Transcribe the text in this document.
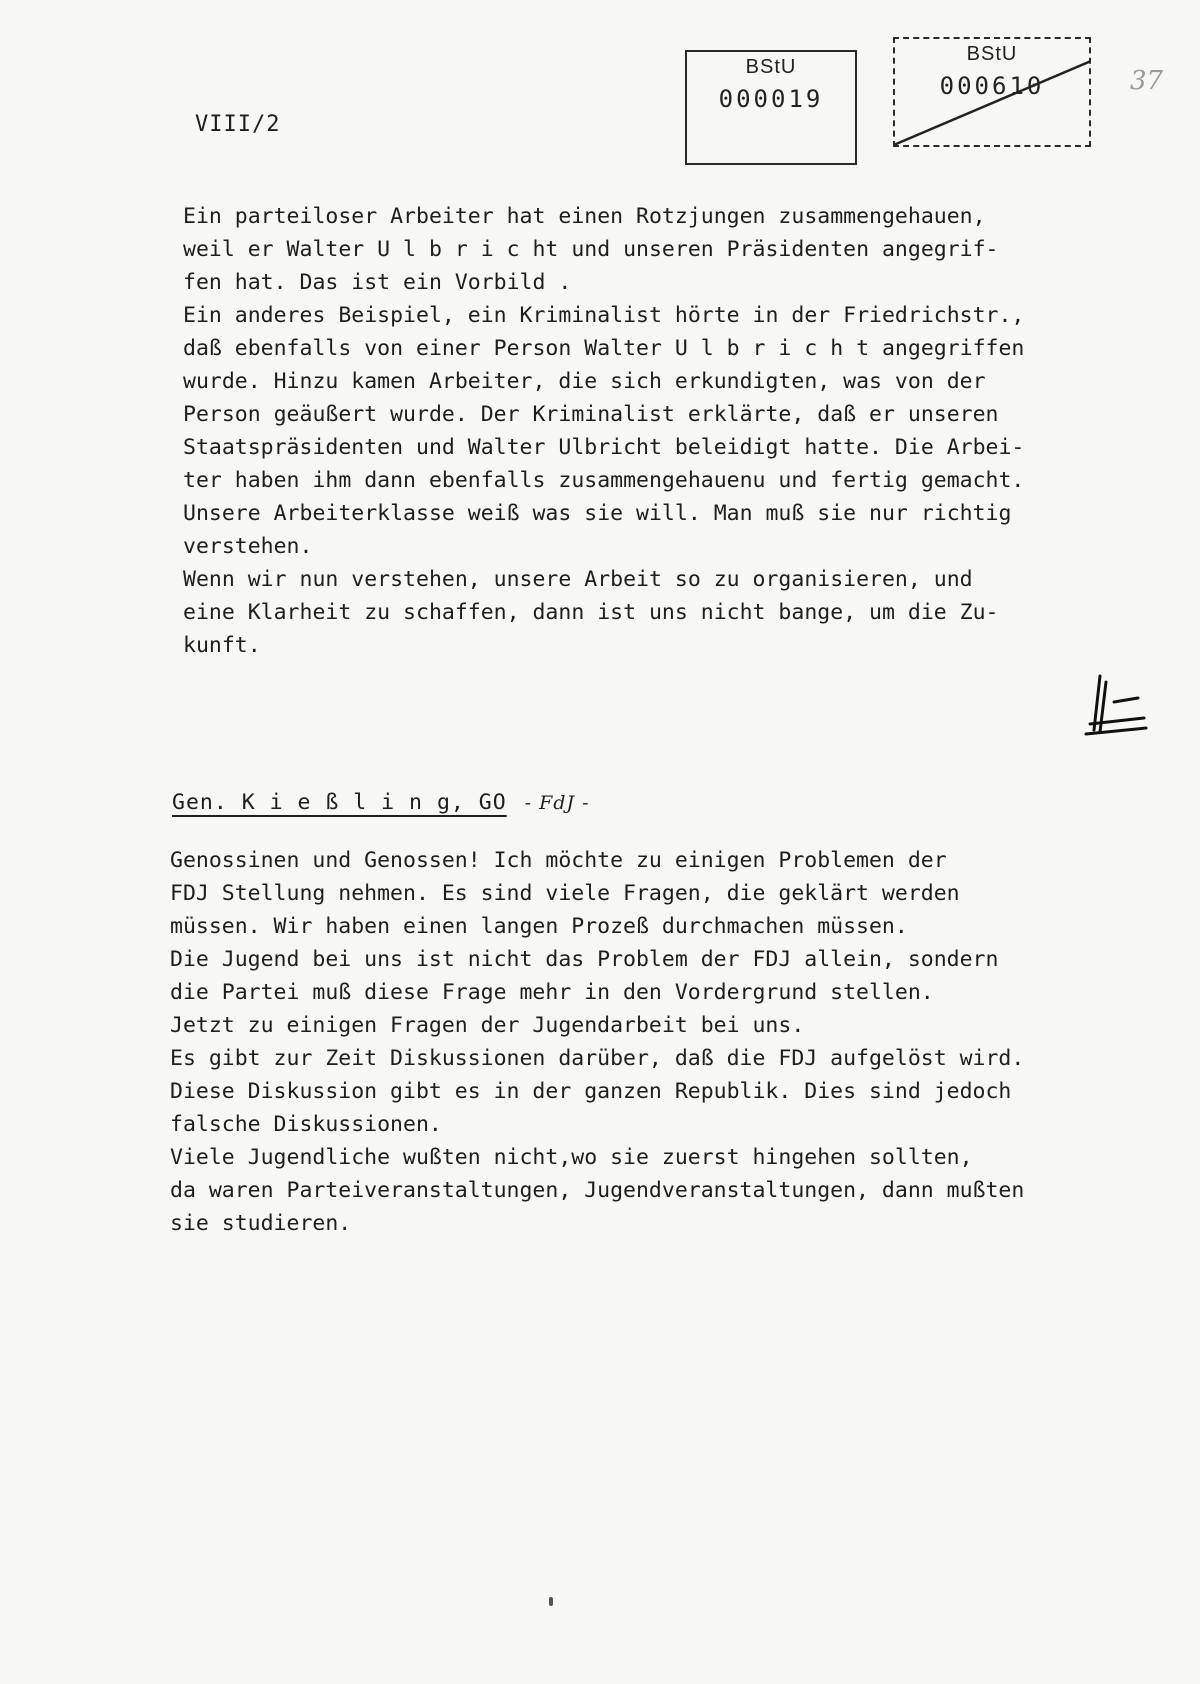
VIII/2
BStU
000019
BStU
000610	37
Ein parteiloser Arbeiter hat einen Rotzjungen zusammengehauen,
weil er Walter U l b r i c ht und unseren Präsidenten angegrif-
fen hat. Das ist ein Vorbild .
Ein anderes Beispiel, ein Kriminalist hörte in der Friedrichstr.,
daß ebenfalls von einer Person Walter U l b r i c h t angegriffen
wurde. Hinzu kamen Arbeiter, die sich erkundigten, was von der
Person geäußert wurde. Der Kriminalist erklärte, daß er unseren
Staatspräsidenten und Walter Ulbricht beleidigt hatte. Die Arbei-
ter haben ihm dann ebenfalls zusammengehauenu und fertig gemacht.
Unsere Arbeiterklasse weiß was sie will. Man muß sie nur richtig
verstehen.
Wenn wir nun verstehen, unsere Arbeit so zu organisieren, und
eine Klarheit zu schaffen, dann ist uns nicht bange, um die Zu-
kunft.
Gen. K i e ß l i n g, GO - FdJ -
Genossinen und Genossen! Ich möchte zu einigen Problemen der
FDJ Stellung nehmen. Es sind viele Fragen, die geklärt werden
müssen. Wir haben einen langen Prozeß durchmachen müssen.
Die Jugend bei uns ist nicht das Problem der FDJ allein, sondern
die Partei muß diese Frage mehr in den Vordergrund stellen.
Jetzt zu einigen Fragen der Jugendarbeit bei uns.
Es gibt zur Zeit Diskussionen darüber, daß die FDJ aufgelöst wird.
Diese Diskussion gibt es in der ganzen Republik. Dies sind jedoch
falsche Diskussionen.
Viele Jugendliche wußten nicht,wo sie zuerst hingehen sollten,
da waren Parteiveranstaltungen, Jugendveranstaltungen, dann mußten
sie studieren.
